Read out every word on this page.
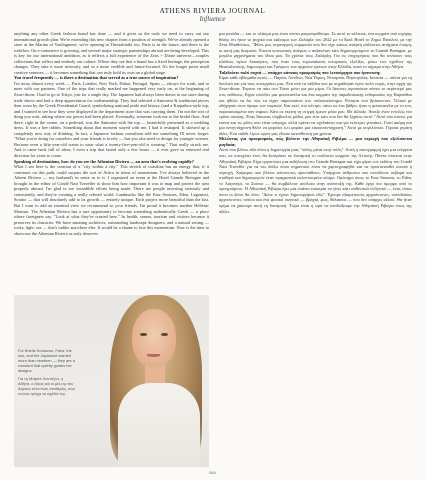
ATHENS RIVIERA JOURNAL
Influence

anything any other Greek fashion brand has done — and it gives us the tools we need to carry out our international growth plan. We're extending this new chapter from a position of strength. We've already opened a store at the Marina of Vouliagmeni, we're opening in Thessaloniki too, Paris is in the future, and there is the webflow. On e-commerce is growing, and several major strategic partnerships abroad are being developed. This is key for our international ambition, as it reflects a full experience of the Zeus + Dione universe—couples collections that reflect and embody our culture. Where they see that a brand has a fixed heritage, the perception changes. They take it more seriously, and so a more credible and future-focused. It's the longer point small creative ventures — it becomes something that can truly hold its own on a global stage.

You travel frequently — is there a destination that served as a true source of inspiration?

I'm away almost every week — Paris, London, New York, Dubai, Portugal, Spain — always for work, and to meet with our partners. One of the trips that really marked me happened very early on, at the beginning of Zeus+dione. I had to go to Tokyo, just for a single day. The Japanese had always been drawn to our store during trade shows and had a deep appreciation for craftsmanship. They had selected a Santorini & traditional pieces then worn by the Greek Presidential Guard, symbolizing national pride and history (and a Karpathos-style top, and I wanted to see how they were displayed in the department store that was carrying them. I'm not the sort of thing you wait, asking where our pieces had been placed. Eventually, someone took me to the bridal floor. And there, right in the centre, on a pedestal, was the Santorini with the top — beautifully presented as a wedding dress. It was a bee ridden. Something about that moment stayed with me. I had it reshaped. It showed up a completely new way of thinking. In fact, a Japanese fashion consultant told me something I'll never forget: "What you're doing for ourselves and your friends is lovely — but you also need to design for younger women. Because even a fifty-year-old wants to wear what a twenty-five-year-old is wearing." That really struck me. And it came back full of ideas, I even a trip that lasted only a few hours — it ever gave us renewed real direction for years to come.

Speaking of destinations, how do you see the Athenian Riviera — an area that's evolving rapidly?

What I see here is the creation of a "city within a city." This stretch of coastline has an energy that, if it continues on this path, could surpass the sort of Attica in terms of momentum. I've always believed in the Athens Riviera — my husband's in sense as to it. I organized an event at the Hotel Grande Bretagne and brought in the editor of Condé Nast Traveller to show him how important it was to map and protect the area properly abroad. I'm glad to see incredible efforts being made. There are people investing seriously and consistently, and they're creating a really refined world. Landmarks like the Four Seasons, Eden, Lagonissi, Sounio — that will absolutely add to its growth — entirely unique. Each project more beautiful than the last. But I want to add an essential view we recommend so your friends, I'm proud it becomes another Hellenic Marinas. The Athenian Riviera has a rare opportunity to become something authentically Greek — a place where foreigners say, "Look at what they've created here." In health, senses, tourism and visitors because it preserves its character. We have stunning architects, outstanding landscape designers, and a natural setting — rocks, light, sea — that's unlike anywhere else. It would be a shame to lose this momentum. Now is the time to showcase the Athenian Riviera as truly deserves.

For Brielle Kontozou, Paris, the sun, and the Japanese wanted more than nineteen — they are a constant that quietly guides her designs.

Για τη Μπριέλ Κοντόζου, η Αθήνα, ο ήλιος και οι μέλι τμ του Αιγαίου είναι ένας σταθερός, που ενώνει ήσυχα τα σχέδιά της.

μια μονάδα — και το πλάσμα μας είναι πάντα μακροπρόθεσμο. Σε αυτό το κέλευσε, ένα κομμάτι από ισχύρης θέσης ότι ήταν το ψυχικό και κάλεσμα των Ζαλάρξε του 2022 με το Καιλ Hotel το Ζηρώ Παπιλού, με την Zeus Μπαθούκος. "Φίλοι μας στρατηγική συμφωνία που δεν είχε κάπως ανάγκη κάλλιστοι αιτήματα έτοιμη, κι αυτή μας δεσμεύει. Έπειτα κοινωνικές ανάγκες ο αυξανόταν κάτι δημιουργούμενο το Grande Bretagne, με μεγάλα μηχανήματα του ίδιου μας. Τα χρόνια τους Ζαλάρξη. Για τις επιχειρήσεις που θα τονίσουν τους κλάδους αγίων διοικήσεις, που όταν τους ευρωπαϊκούς ιστορικούς εξελίξει, μέσω των σχεδίων της Θεσσαλονίκης, δημιουργεί και Γρέφεων των αρχαίων ερώτων στην Ελλάδα, κατά το σήμερα στην Αθήνα.

Ταξιδεύετε πολύ συχνά — υπάρχει κάποιος προορισμός που λειτούργησε σαν έμπνευση;

Είμαι κάθε εβδομάδα εκτός — Παρίσι, Λονδίνο, Νέα Υόρκη, Ντουμπάι, Πορτογαλία, Ισπανία — πάντα για τη δουλειά και για τους συνεργάτες μας. Ένα από τα ταξίδια που με σημάδεψαν έγινε πολύ νωρίς, στην αρχή της Zeus+dione. Έπρεπε να πάω στο Τόκιο μόνο για μία μέρα. Οι Ιάπωνες αγαπούσαν πάντα το περίπτερό μας στις εκθέσεις. Είχαν επιλέξει μια φουστανέλα και ένα κομμάτι της παραδοσιακής ενδυμασίας της Καρπάθου και ήθελα να δω πώς τα είχαν παρουσιάσει στο πολυκατάστημα. Ρώτησα πού βρίσκονταν. Τελικά με οδήγησαν στον όροφο των νυφικών. Και εκεί, στο κέντρο, πάνω σε ένα βάθρο, ήταν η φουστανέλα με το τοπ, παρουσιασμένα σαν νυφικό. Κάτι σε εκείνη τη στιγμή έμεινε μέσα μου. Με άλλαξε. Άνοιξε έναν εντελώς νέο τρόπο σκέψης. Ένας Ιάπωνας σύμβουλος μόδας μου είπε κάτι που δεν θα ξεχάσω ποτέ: "Αυτό που κάνεις για εσένα και τις φίλες σου είναι υπέροχο, αλλά πρέπει να σχεδιάσεις και για νεότερες γυναίκες. Γιατί ακόμη και μια πενηντάχρονη θέλει να φορέσει ό,τι φοράει μια εικοσιπεντάχρονη." Αυτό με συγκλόνισε. Γύρισα γεμάτη ιδέες. Ένα ταξίδι λίγων ωρών μας έδωσε κατεύθυνση για χρόνια.

Μιλώντας για προορισμούς, πώς βλέπετε την Αθηναϊκή Ριβιέρα — μια περιοχή που εξελίσσεται ραγδαία;

Αυτό που βλέπω εδώ είναι η δημιουργία μιας "πόλης μέσα στην πόλη". Αυτή η ακτογραμμή έχει μια ενέργεια που, αν συνεχίσει έτσι, θα ξεπεράσει σε δυναμική το υπόλοιπο κομμάτι της Αττικής. Πάντα πίστευα στην Αθηναϊκή Ριβιέρα. Είχα οργανώσει μια εκδήλωση στο Grande Bretagne και είχα φέρει τον εκδότη του Condé Nast Traveller για να του δείξω πόσο σημαντικό είναι να χαρτογραφηθεί και να προστατευθεί σωστά η περιοχή. Χαίρομαι που βλέπω απίστευτες προσπάθειες. Υπάρχουν άνθρωποι που επενδύουν σοβαρά και σταθερά και δημιουργούν έναν πραγματικά εκλεπτυσμένο κόσμο. Ορόσημα όπως το Four Seasons, το Eden, το Λαγονήσι, το Σούνιο — θα συμβάλουν απόλυτα στην ανάπτυξή της. Κάθε έργο πιο όμορφο από το προηγούμενο. Η Αθηναϊκή Ριβιέρα έχει μια σπάνια ευκαιρία να γίνει κάτι αυθεντικά ελληνικό — ένας τόπος όπου οι ξένοι θα λένε: "Δείτε τι έχουν δημιουργήσει εδώ". Έχουμε εξαιρετικούς αρχιτέκτονες, σπουδαίους αρχιτέκτονες τοπίου και ένα φυσικό σκηνικό — βράχια, φως, θάλασσα — που δεν υπάρχει αλλού. Θα ήταν κρίμα να χάσουμε αυτή τη δυναμική. Τώρα είναι η ώρα να αναδείξουμε την Αθηναϊκή Ριβιέρα όπως της αξίζει.

084
